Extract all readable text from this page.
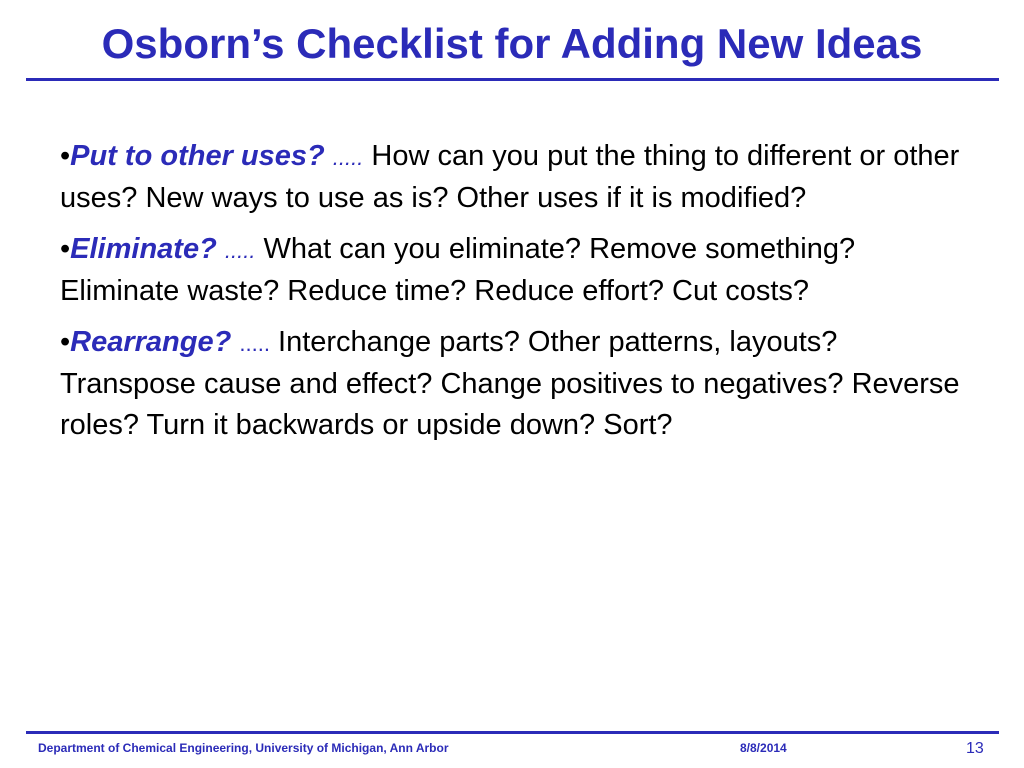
Osborn’s Checklist for Adding New Ideas
•Put to other uses? ..... How can you put the thing to different or other uses? New ways to use as is? Other uses if it is modified?
•Eliminate? ..... What can you eliminate? Remove something? Eliminate waste? Reduce time? Reduce effort? Cut costs?
•Rearrange? ..... Interchange parts? Other patterns, layouts? Transpose cause and effect? Change positives to negatives? Reverse roles? Turn it backwards or upside down? Sort?
Department of Chemical Engineering, University of Michigan, Ann Arbor	8/8/2014	13
